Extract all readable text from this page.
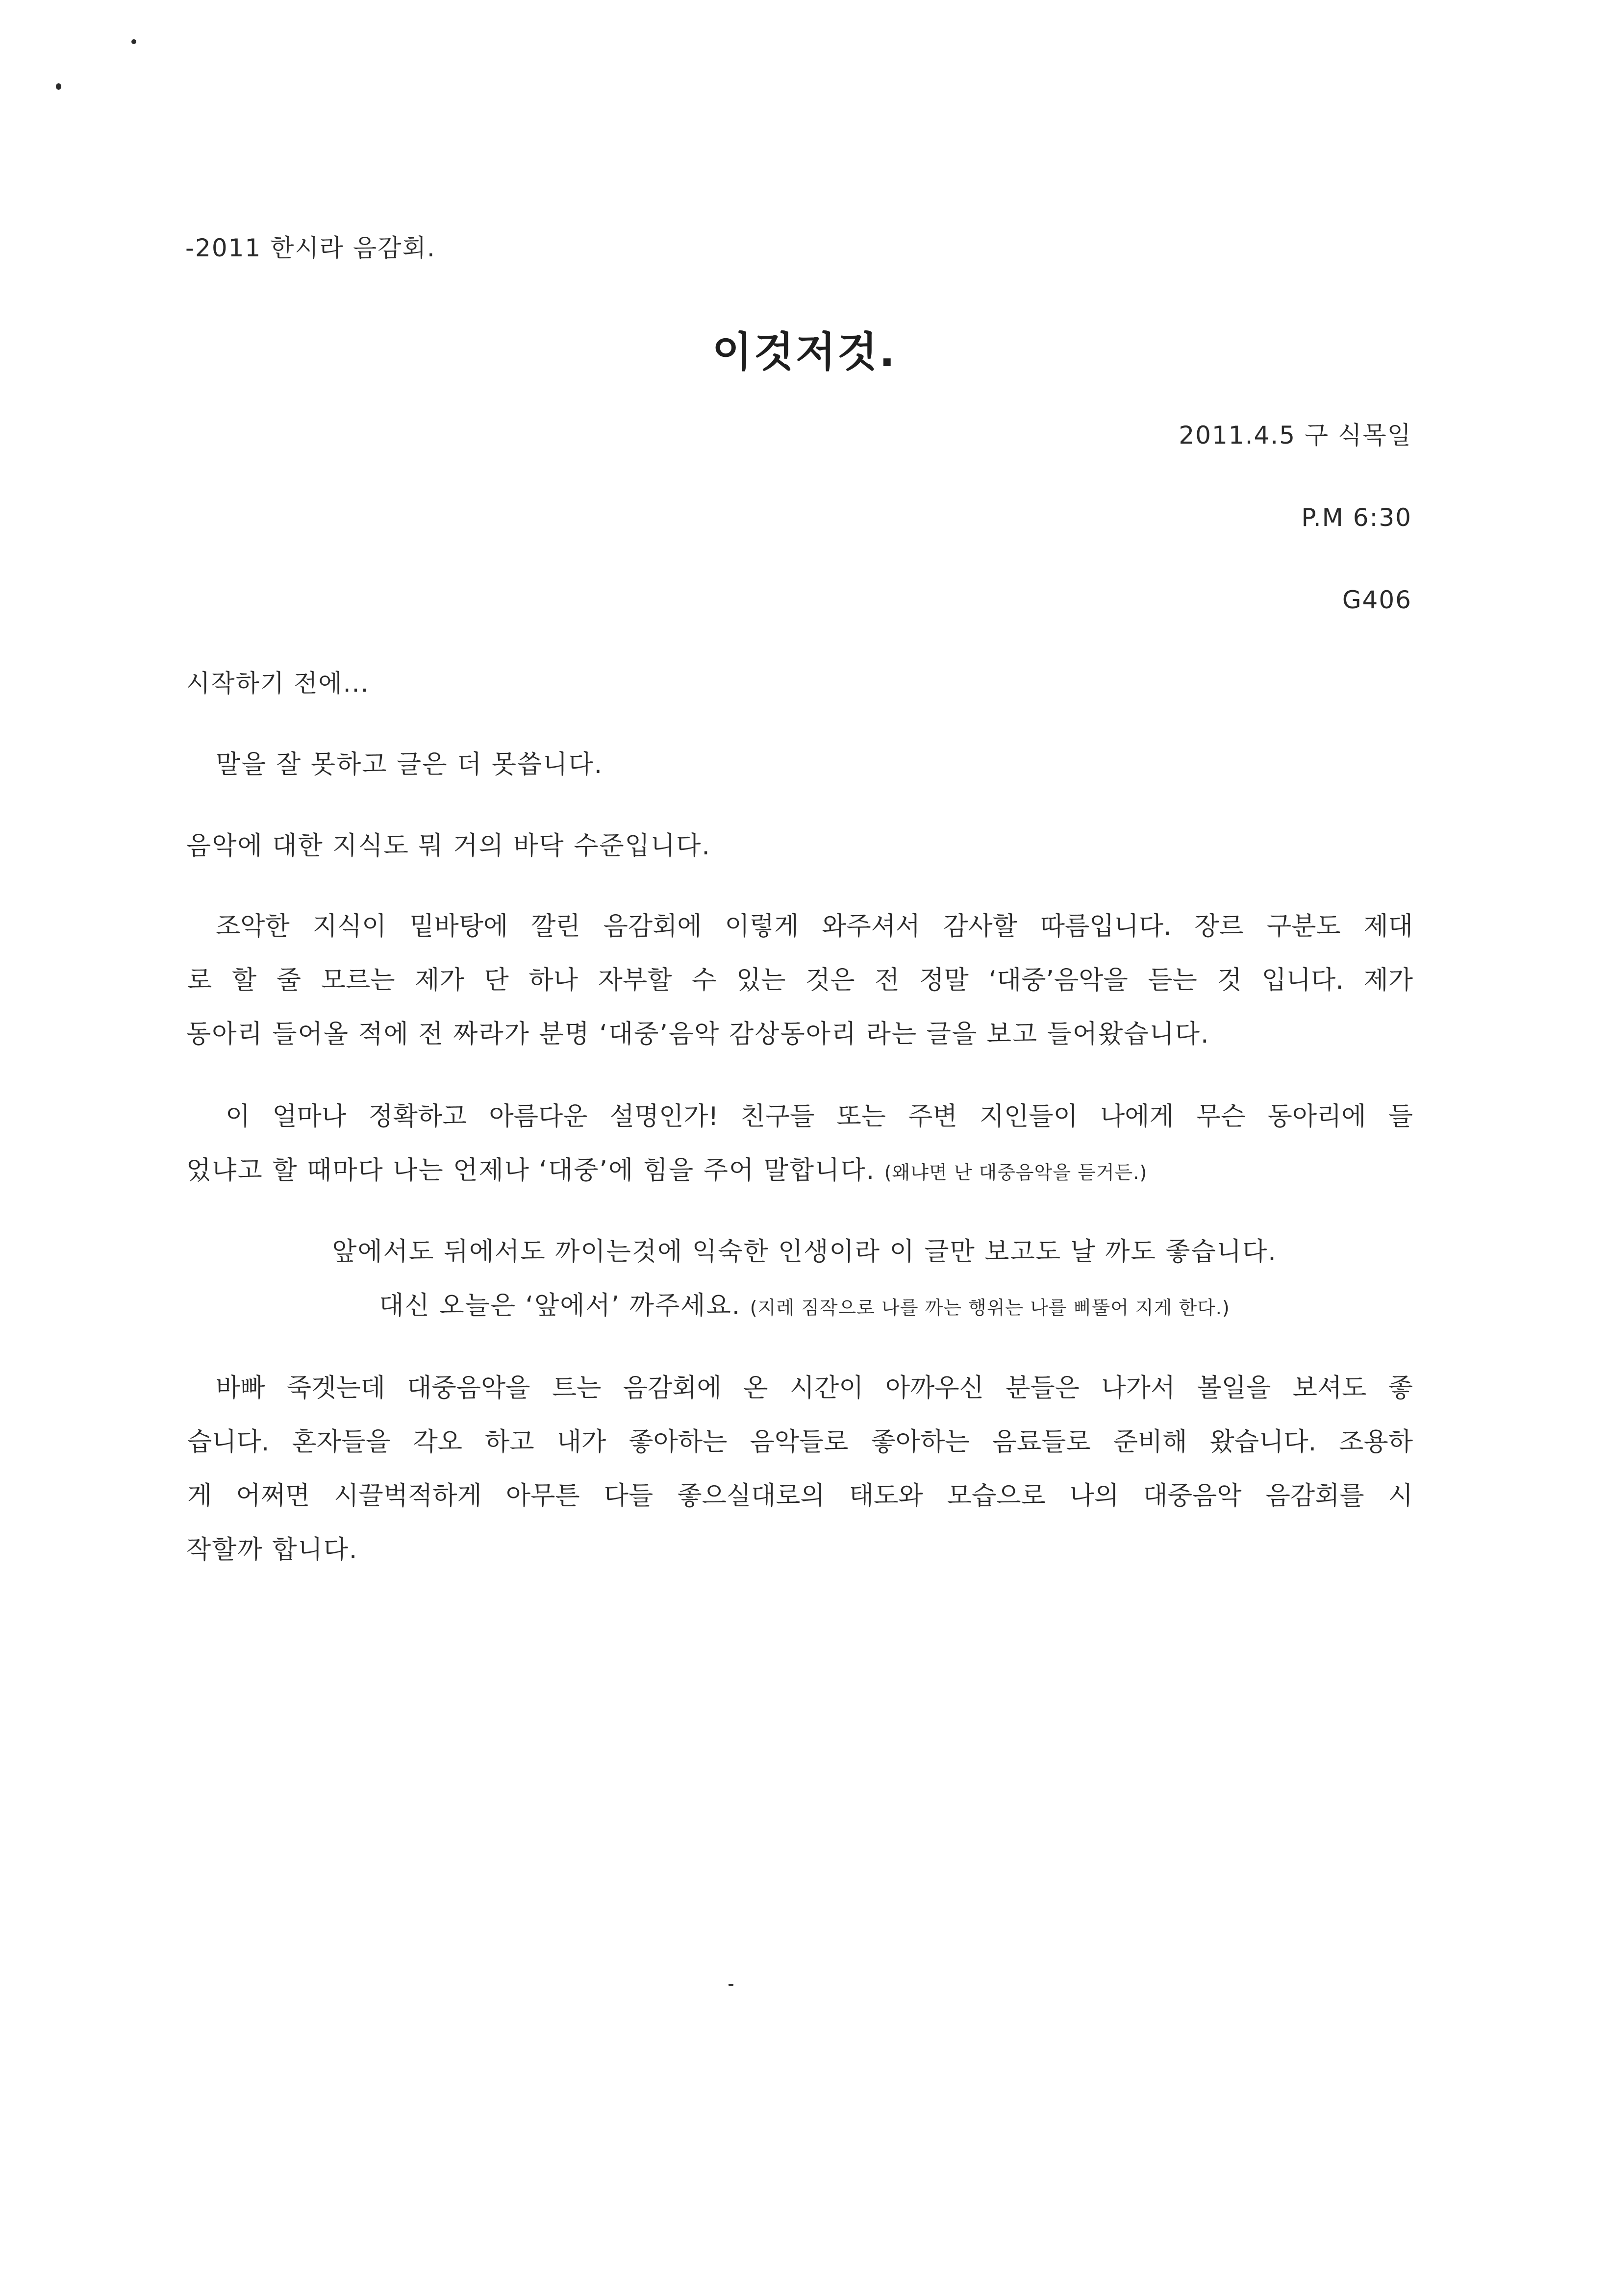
-2011 한시라 음감회.
이것저것.
2011.4.5 구 식목일
P.M 6:30
G406
시작하기 전에...
말을 잘 못하고 글은 더 못씁니다.
음악에 대한 지식도 뭐 거의 바닥 수준입니다.
조악한 지식이 밑바탕에 깔린 음감회에 이렇게 와주셔서 감사할 따름입니다. 장르 구분도 제대
로 할 줄 모르는 제가 단 하나 자부할 수 있는 것은 전 정말 ‘대중’음악을 듣는 것 입니다. 제가
동아리 들어올 적에 전 짜라가 분명 ‘대중’음악 감상동아리 라는 글을 보고 들어왔습니다.
이 얼마나 정확하고 아름다운 설명인가! 친구들 또는 주변 지인들이 나에게 무슨 동아리에 들
었냐고 할 때마다 나는 언제나 ‘대중’에 힘을 주어 말합니다. (왜냐면 난 대중음악을 듣거든.)
앞에서도 뒤에서도 까이는것에 익숙한 인생이라 이 글만 보고도 날 까도 좋습니다.
대신 오늘은 ‘앞에서’ 까주세요. (지레 짐작으로 나를 까는 행위는 나를 삐뚤어 지게 한다.)
바빠 죽겟는데 대중음악을 트는 음감회에 온 시간이 아까우신 분들은 나가서 볼일을 보셔도 좋
습니다. 혼자들을 각오 하고 내가 좋아하는 음악들로 좋아하는 음료들로 준비해 왔습니다. 조용하
게 어쩌면 시끌벅적하게 아무튼 다들 좋으실대로의 태도와 모습으로 나의 대중음악 음감회를 시
작할까 합니다.
